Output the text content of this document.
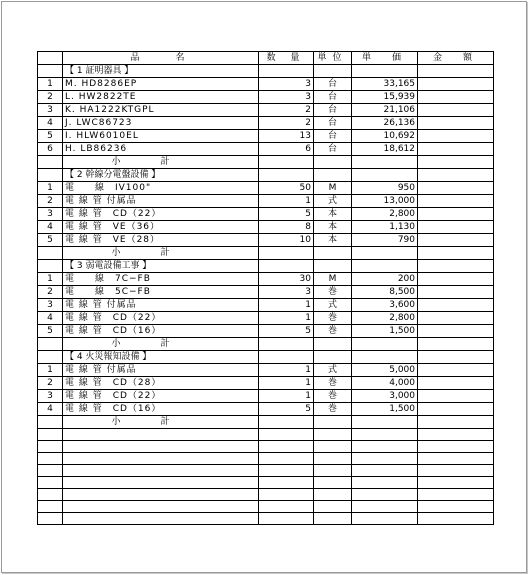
	品　　名	数 量	単位	単　価	金　額
	【 1 証明器具 】				
1	M. HD8286EP	3	台	33,165	
2	L. HW2822TE	3	台	15,939	
3	K. HA1222KTGPL	2	台	21,106	
4	J. LWC86723	2	台	26,136	
5	I. HLW6010EL	13	台	10,692	
6	H. LB86236	6	台	18,612	
	小計				
	【 2 幹線分電盤設備 】				
1	電　　線　IV100"	50	M	950	
2	電 線 管 付属品	1	式	13,000	
3	電 線 管　CD（22）	5	本	2,800	
4	電 線 管　VE（36）	8	本	1,130	
5	電 線 管　VE（28）	10	本	790	
	小計				
	【 3 弱電設備工事 】				
1	電　　線　7C−FB	30	M	200	
2	電　　線　5C−FB	3	巻	8,500	
3	電 線 管 付属品	1	式	3,600	
4	電 線 管　CD（22）	1	巻	2,800	
5	電 線 管　CD（16）	5	巻	1,500	
	小計				
	【 4 火災報知設備 】				
1	電 線 管 付属品	1	式	5,000	
2	電 線 管　CD（28）	1	巻	4,000	
3	電 線 管　CD（22）	1	巻	3,000	
4	電 線 管　CD（16）	5	巻	1,500	
	小計				
